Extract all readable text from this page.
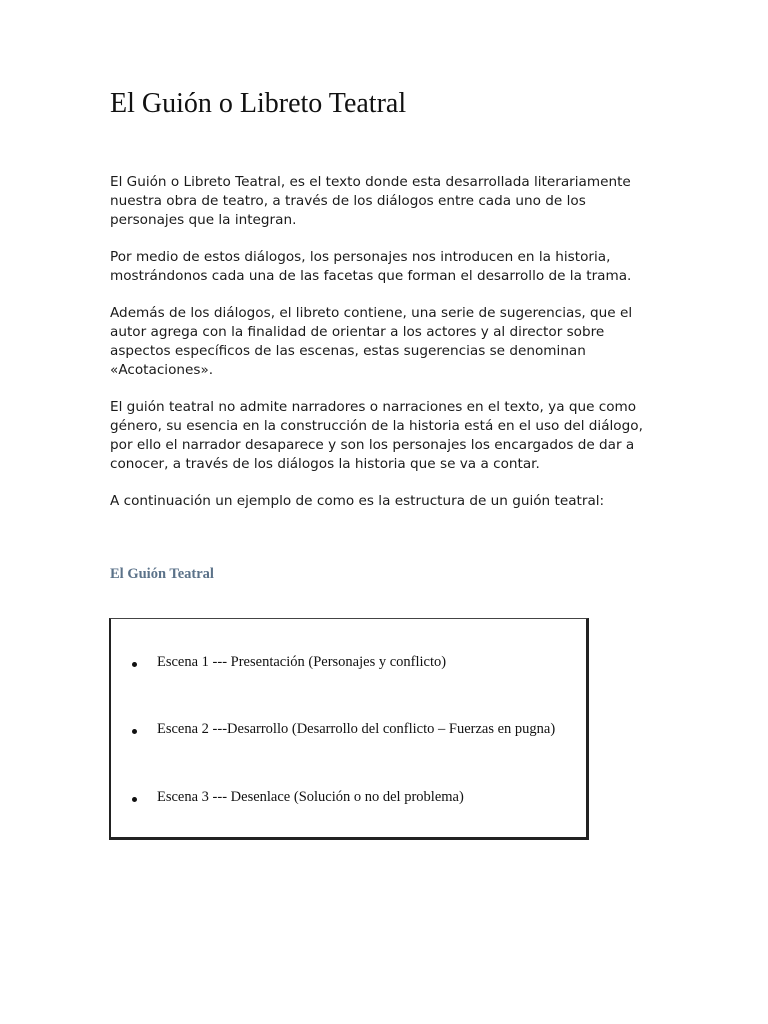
El Guión o Libreto Teatral

El Guión o Libreto Teatral, es el texto donde esta desarrollada literariamente
nuestra obra de teatro, a través de los diálogos entre cada uno de los
personajes que la integran.

Por medio de estos diálogos, los personajes nos introducen en la historia,
mostrándonos cada una de las facetas que forman el desarrollo de la trama.

Además de los diálogos, el libreto contiene, una serie de sugerencias, que el
autor agrega con la finalidad de orientar a los actores y al director sobre
aspectos específicos de las escenas, estas sugerencias se denominan
«Acotaciones».

El guión teatral no admite narradores o narraciones en el texto, ya que como
género, su esencia en la construcción de la historia está en el uso del diálogo,
por ello el narrador desaparece y son los personajes los encargados de dar a
conocer, a través de los diálogos la historia que se va a contar.

A continuación un ejemplo de como es la estructura de un guión teatral:

El Guión Teatral
Escena 1 --- Presentación (Personajes y conflicto)
Escena 2 ---Desarrollo (Desarrollo del conflicto – Fuerzas en pugna)
Escena 3 --- Desenlace (Solución o no del problema)
